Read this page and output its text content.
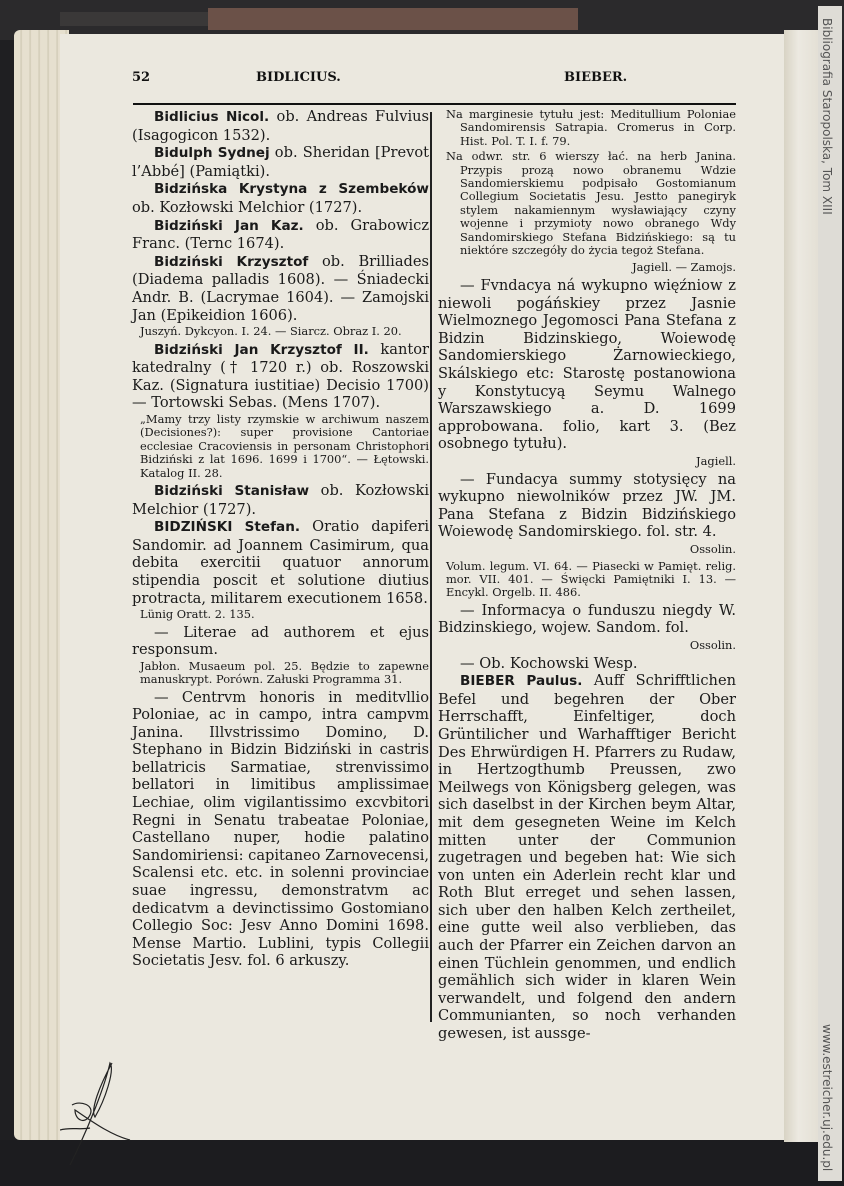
Bibliografia Staropolska, Tom XIII
www.estreicher.uj.edu.pl
52	BIDLICIUS.	BIEBER.

Bidlicius Nicol. ob. Andreas Fulvius (Isagogicon 1532).

Bidulph Sydnej ob. Sheridan [Prevot l’Abbé] (Pamiątki).

Bidzińska Krystyna z Szembeków ob. Kozłowski Melchior (1727).

Bidziński Jan Kaz. ob. Grabowicz Franc. (Ternc 1674).

Bidziński Krzysztof ob. Brilliades (Diadema palladis 1608). — Śniadecki Andr. B. (Lacrymae 1604). — Zamojski Jan (Epikeidion 1606).

Juszyń. Dykcyon. I. 24. — Siarcz. Obraz I. 20.

Bidziński Jan Krzysztof II. kantor katedralny († 1720 r.) ob. Roszowski Kaz. (Signatura iustitiae) Decisio 1700)— Tortowski Sebas. (Mens 1707).

„Mamy trzy listy rzymskie w archiwum naszem (Decisiones?): super provisione Cantoriae ecclesiae Cracoviensis in personam Christophori Bidziński z lat 1696. 1699 i 1700“. — Łętowski. Katalog II. 28.

Bidziński Stanisław ob. Kozłowski Melchior (1727).

BIDZIŃSKI Stefan. Oratio dapiferi Sandomir. ad Joannem Casimirum, qua debita exercitii quatuor annorum stipendia poscit et solutione diutius protracta, militarem executionem 1658.

Lünig Oratt. 2. 135.

— Literae ad authorem et ejus responsum.

Jabłon. Musaeum pol. 25. Będzie to zapewne manuskrypt. Porówn. Załuski Programma 31.

— Centrvm honoris in meditvllio Poloniae, ac in campo, intra campvm Janina. Illvstrissimo Domino, D. Stephano in Bidzin Bidziński in castris bellatricis Sarmatiae, strenvissimo bellatori in limitibus amplissimae Lechiae, olim vigilantissimo excvbitori Regni in Senatu trabeatae Poloniae, Castellano nuper, hodie palatino Sandomiriensi: capitaneo Zarnovecensi, Scalensi etc. etc. in solenni provinciae suae ingressu, demonstratvm ac dedicatvm a devinctissimo Gostomiano Collegio Soc: Jesv Anno Domini 1698. Mense Martio. Lublini, typis Collegii Societatis Jesv. fol. 6 arkuszy.

Na marginesie tytułu jest: Meditullium Poloniae Sandomirensis Satrapia. Cromerus in Corp. Hist. Pol. T. I. f. 79.

Na odwr. str. 6 wierszy łać. na herb Janina. Przypis prozą nowo obranemu Wdzie Sandomierskiemu podpisało Gostomianum Collegium Societatis Jesu. Jestto panegiryk stylem nakamiennym wysławiający czyny wojenne i przymioty nowo obranego Wdy Sandomirskiego Stefana Bidzińskiego: są tu niektóre szczegóły do życia tegoż Stefana.

Jagiell. — Zamojs.

— Fvndacya ná wykupno więźniow z niewoli pogáńskiey przez Jasnie Wielmoznego Jegomosci Pana Stefana z Bidzin Bidzinskiego, Woiewodę Sandomierskiego Żarnowieckiego, Skálskiego etc: Starostę postanowiona y Konstytucyą Seymu Walnego Warszawskiego a. D. 1699 approbowana. folio, kart 3. (Bez osobnego tytułu).

Jagiell.

— Fundacya summy stotysięcy na wykupno niewolników przez JW. JM. Pana Stefana z Bidzin Bidzińskiego Woiewodę Sandomirskiego. fol. str. 4.

Ossolin.

Volum. legum. VI. 64. — Piasecki w Pamięt. relig. mor. VII. 401. — Święcki Pamiętniki I. 13. — Encykl. Orgelb. II. 486.

— Informacya o funduszu niegdy W. Bidzinskiego, wojew. Sandom. fol.

Ossolin.

— Ob. Kochowski Wesp.

BIEBER Paulus. Auff Schrifftlichen Befel und begehren der Ober Herrschafft, Einfeltiger, doch Grüntilicher und Warhafftiger Bericht Des Ehrwürdigen H. Pfarrers zu Rudaw, in Hertzogthumb Preussen, zwo Meilwegs von Königsberg gelegen, was sich daselbst in der Kirchen beym Altar, mit dem gesegneten Weine im Kelch mitten unter der Communion zugetragen und begeben hat: Wie sich von unten ein Aderlein recht klar und Roth Blut erreget und sehen lassen, sich uber den halben Kelch zertheilet, eine gutte weil also verblieben, das auch der Pfarrer ein Zeichen darvon an einen Tüchlein genommen, und endlich gemählich sich wider in klaren Wein verwandelt, und folgend den andern Communianten, so noch verhanden gewesen, ist aussge-
